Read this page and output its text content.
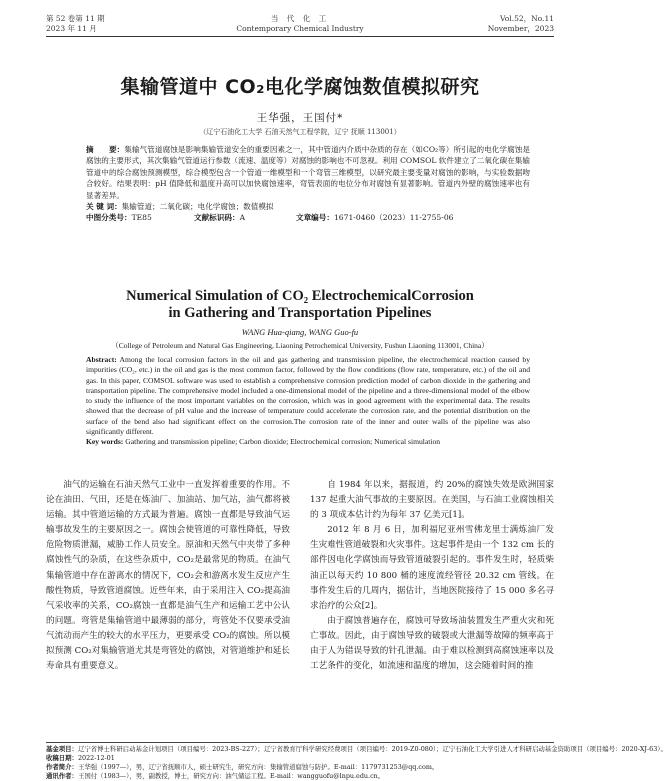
第 52 卷第 11 期
2023 年 11 月
当 代 化 工
Contemporary Chemical Industry
Vol.52，No.11
November，2023
集输管道中 CO₂电化学腐蚀数值模拟研究
王华强，王国付*
（辽宁石油化工大学 石油天然气工程学院，辽宁 抚顺 113001）

摘　　要：集输气管道腐蚀是影响集输管道安全的重要因素之一，其中管道内介质中杂质的存在（如CO₂等）所引起的电化学腐蚀是腐蚀的主要形式，其次集输气管道运行参数（流速、温度等）对腐蚀的影响也不可忽视。利用 COMSOL 软件建立了二氧化碳在集输管道中的综合腐蚀预测模型，综合模型包含一个管道一维模型和一个弯管三维模型，以研究最主要变量对腐蚀的影响，与实验数据吻合较好。结果表明：pH 值降低和温度升高可以加快腐蚀速率，弯管表面的电位分布对腐蚀有显著影响。管道内外壁的腐蚀速率也有显著差异。

关 键 词：集输管道；二氧化碳；电化学腐蚀；数值模拟

中图分类号：TE85	文献标识码：A	文章编号：1671-0460（2023）11-2755-06
Numerical Simulation of CO₂ ElectrochemicalCorrosion
in Gathering and Transportation Pipelines
WANG Hua-qiang, WANG Guo-fu
（College of Petroleum and Natural Gas Engineering, Liaoning Petrochemical University, Fushun Liaoning 113001, China）

Abstract: Among the local corrosion factors in the oil and gas gathering and transmission pipeline, the electrochemical reaction caused by impurities (CO₂, etc.) in the oil and gas is the most common factor, followed by the flow conditions (flow rate, temperature, etc.) of the oil and gas. In this paper, COMSOL software was used to establish a comprehensive corrosion prediction model of carbon dioxide in the gathering and transportation pipeline. The comprehensive model included a one-dimensional model of the pipeline and a three-dimensional model of the elbow to study the influence of the most important variables on the corrosion, which was in good agreement with the experimental data. The results showed that the decrease of pH value and the increase of temperature could accelerate the corrosion rate, and the potential distribution on the surface of the bend also had significant effect on the corrosion.The corrosion rate of the inner and outer walls of the pipeline was also significantly different.

Key words: Gathering and transmission pipeline; Carbon dioxide; Electrochemical corrosion; Numerical simulation

油气的运输在石油天然气工业中一直发挥着重要的作用。不论在油田、气田，还是在炼油厂、加油站、加气站，油气都将被运输。其中管道运输的方式最为普遍。腐蚀一直都是导致油气运输事故发生的主要原因之一。腐蚀会使管道的可靠性降低，导致危险物质泄漏，威胁工作人员安全。原油和天然气中夹带了多种腐蚀性气的杂质，在这些杂质中，CO₂是最常见的物质。在油气集输管道中存在游离水的情况下，CO₂会和游离水发生反应产生酸性物质，导致管道腐蚀。近些年来，由于采用注入 CO₂提高油气采收率的关系，CO₂腐蚀一直都是油气生产和运输工艺中公认的问题。弯管是集输管道中最薄弱的部分，弯管处不仅要承受油气流动而产生的较大的水平压力，更要承受 CO₂的腐蚀。所以模拟预测 CO₂对集输管道尤其是弯管处的腐蚀，对管道维护和延长寿命具有重要意义。

自 1984 年以来，据报道，约 20%的腐蚀失效是欧洲国家 137 起重大油气事故的主要原因。在美国，与石油工业腐蚀相关的 3 项成本估计约为每年 37 亿美元[1]。

2012 年 8 月 6 日，加利福尼亚州雪佛龙里士满炼油厂发生灾难性管道破裂和火灾事件。这起事件是由一个 132 cm 长的部件因电化学腐蚀而导致管道破裂引起的。事件发生时，轻质柴油正以每天约 10 800 桶的速度流经管径 20.32 cm 管线。在事件发生后的几周内，据估计，当地医院接待了 15 000 多名寻求治疗的公众[2]。

由于腐蚀普遍存在，腐蚀可导致场油装置发生严重火灾和死亡事故。因此，由于腐蚀导致的破裂或大泄漏等故障的频率高于由于人为错误导致的针孔泄漏。由于难以检测到高腐蚀速率以及工艺条件的变化，如流速和温度的增加，这会随着时间的推

基金项目：辽宁省博士科研启动基金计划项目（项目编号：2023-BS-227）；辽宁省教育厅科学研究经费项目（项目编号：2019-Z0-080）；辽宁石油化工大学引进人才科研启动基金资助项目（项目编号：2020-XJ-63）。
收稿日期：2022-12-01
作者简介：王华强（1997—），男，辽宁省抚顺市人，硕士研究生，研究方向：集输管道腐蚀与防护。E-mail：1179731253@qq.com。
通讯作者：王国付（1983—），男，副教授，博士，研究方向：油气储运工程。E-mail：wangguofu@lnpu.edu.cn。
